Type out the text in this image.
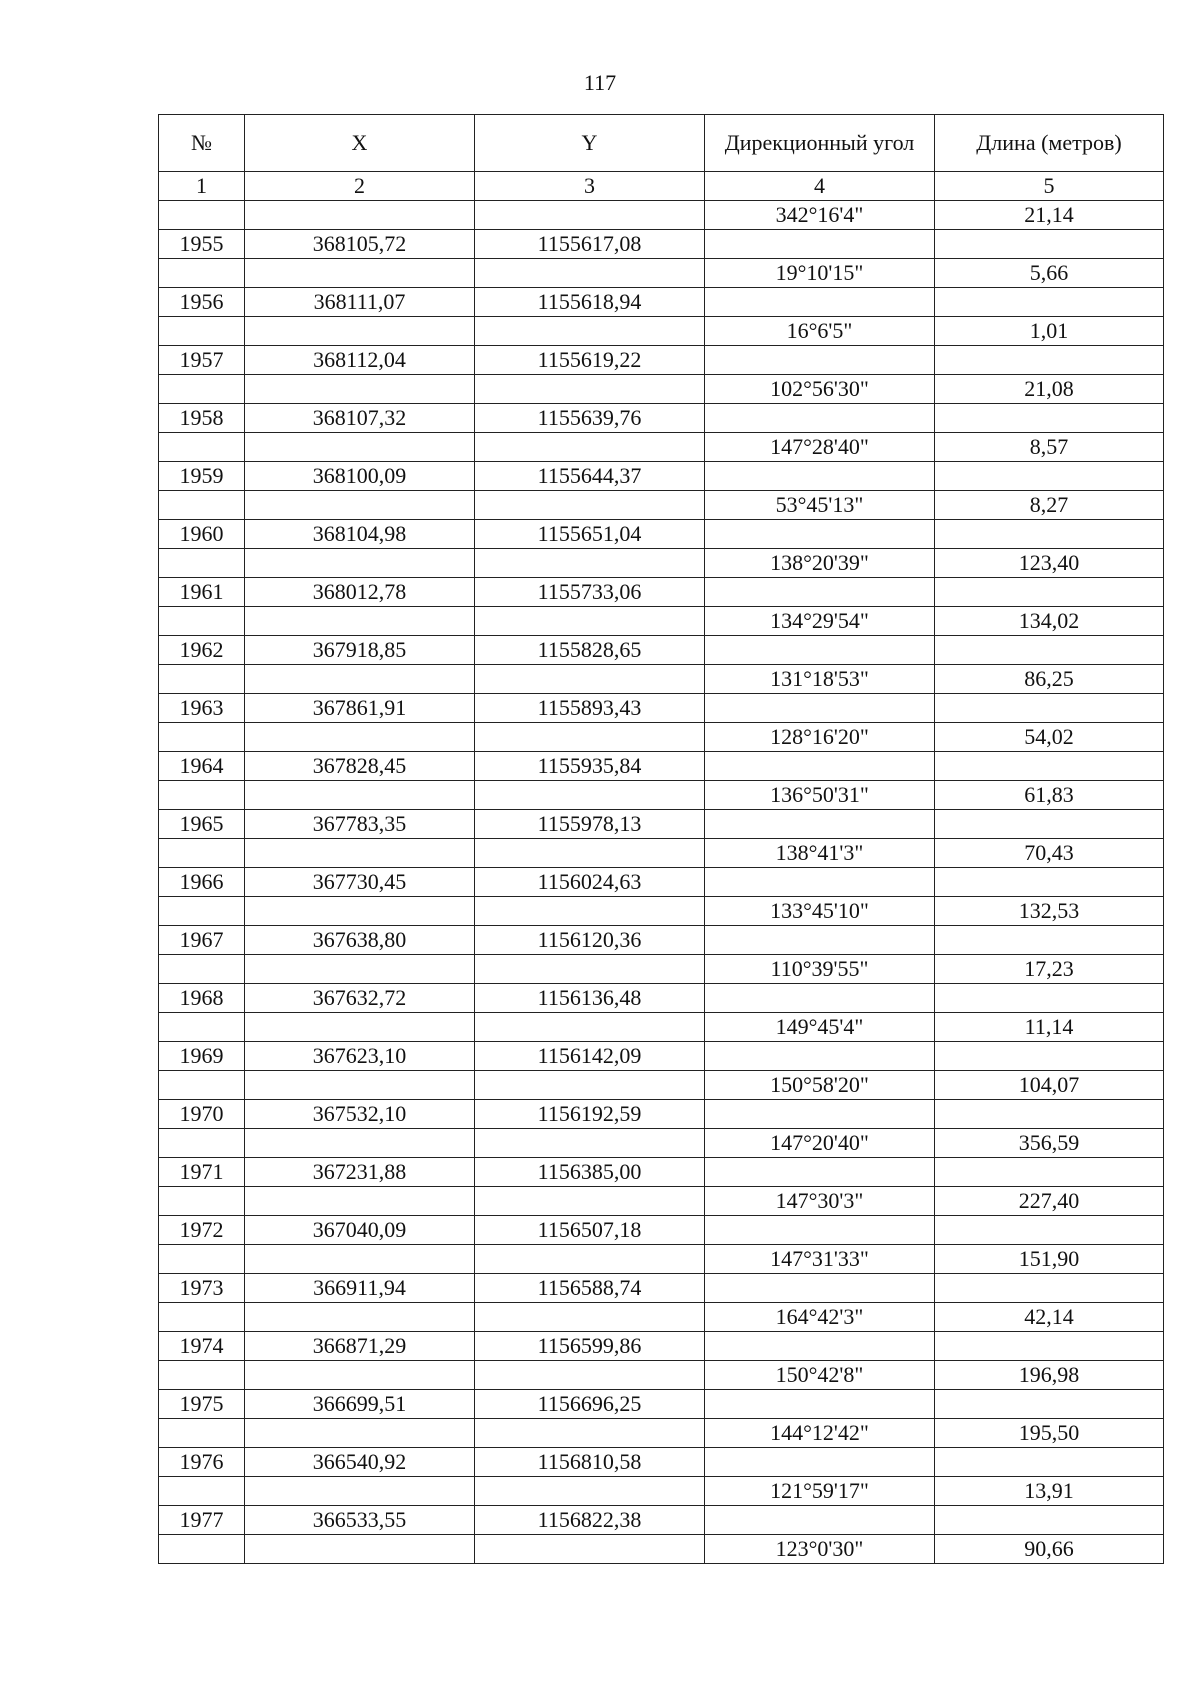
117
№	X	Y	Дирекционный угол	Длина (метров)
1	2	3	4	5
			342°16'4"	21,14
1955	368105,72	1155617,08		
			19°10'15"	5,66
1956	368111,07	1155618,94		
			16°6'5"	1,01
1957	368112,04	1155619,22		
			102°56'30"	21,08
1958	368107,32	1155639,76		
			147°28'40"	8,57
1959	368100,09	1155644,37		
			53°45'13"	8,27
1960	368104,98	1155651,04		
			138°20'39"	123,40
1961	368012,78	1155733,06		
			134°29'54"	134,02
1962	367918,85	1155828,65		
			131°18'53"	86,25
1963	367861,91	1155893,43		
			128°16'20"	54,02
1964	367828,45	1155935,84		
			136°50'31"	61,83
1965	367783,35	1155978,13		
			138°41'3"	70,43
1966	367730,45	1156024,63		
			133°45'10"	132,53
1967	367638,80	1156120,36		
			110°39'55"	17,23
1968	367632,72	1156136,48		
			149°45'4"	11,14
1969	367623,10	1156142,09		
			150°58'20"	104,07
1970	367532,10	1156192,59		
			147°20'40"	356,59
1971	367231,88	1156385,00		
			147°30'3"	227,40
1972	367040,09	1156507,18		
			147°31'33"	151,90
1973	366911,94	1156588,74		
			164°42'3"	42,14
1974	366871,29	1156599,86		
			150°42'8"	196,98
1975	366699,51	1156696,25		
			144°12'42"	195,50
1976	366540,92	1156810,58		
			121°59'17"	13,91
1977	366533,55	1156822,38		
			123°0'30"	90,66
